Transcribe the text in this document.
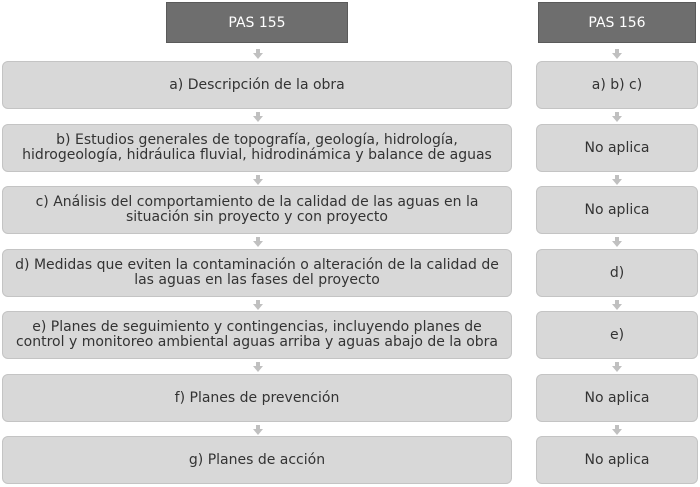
PAS 155	PAS 156
a) Descripción de la obra	a) b) c)
b) Estudios generales de topografía, geología, hidrología, hidrogeología, hidráulica fluvial, hidrodinámica y balance de aguas	No aplica
c) Análisis del comportamiento de la calidad de las aguas en la situación sin proyecto y con proyecto	No aplica
d) Medidas que eviten la contaminación o alteración de la calidad de las aguas en las fases del proyecto	d)
e) Planes de seguimiento y contingencias, incluyendo planes de control y monitoreo ambiental aguas arriba y aguas abajo de la obra	e)
f) Planes de prevención	No aplica
g) Planes de acción	No aplica
